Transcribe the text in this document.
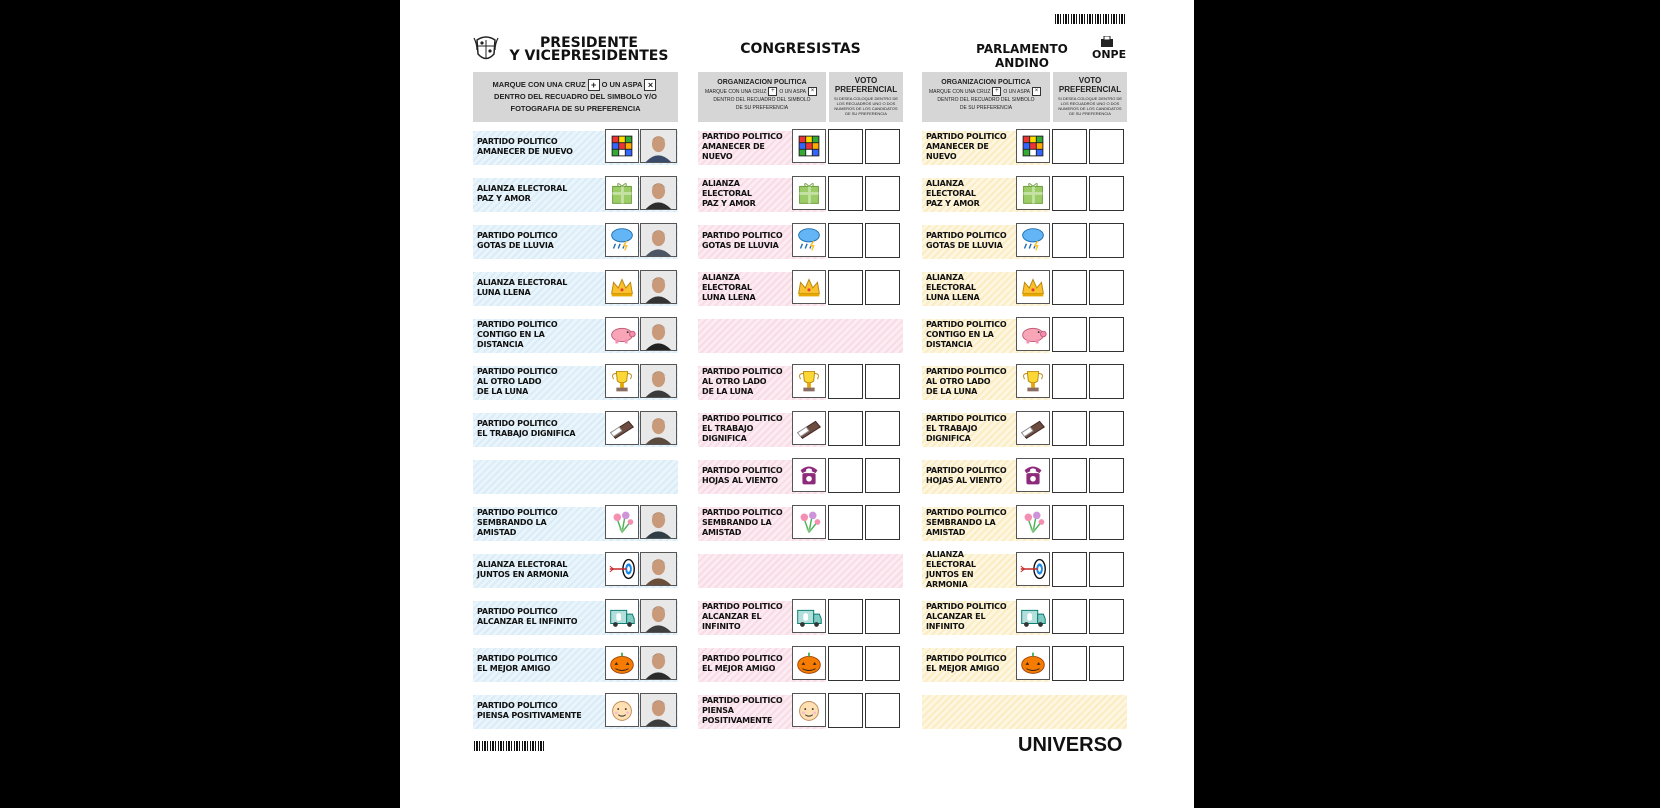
PRESIDENTE
Y VICEPRESIDENTES
MARQUE CON UNA CRUZ + O UN ASPA ×
DENTRO DEL RECUADRO DEL SIMBOLO Y/O
FOTOGRAFIA DE SU PREFERENCIA
PARTIDO POLITICO
AMANECER DE NUEVO
ALIANZA ELECTORAL
PAZ Y AMOR
PARTIDO POLITICO
GOTAS DE LLUVIA
ALIANZA ELECTORAL
LUNA LLENA
PARTIDO POLITICO
CONTIGO EN LA
DISTANCIA
PARTIDO POLITICO
AL OTRO LADO
DE LA LUNA
PARTIDO POLITICO
EL TRABAJO DIGNIFICA
PARTIDO POLITICO
SEMBRANDO LA
AMISTAD
ALIANZA ELECTORAL
JUNTOS EN ARMONIA
PARTIDO POLITICO
ALCANZAR EL INFINITO
PARTIDO POLITICO
EL MEJOR AMIGO
PARTIDO POLITICO
PIENSA POSITIVAMENTE
CONGRESISTAS
ORGANIZACION POLITICA
MARQUE CON UNA CRUZ + O UN ASPA ×
DENTRO DEL RECUADRO DEL SIMBOLO
DE SU PREFERENCIA
VOTO
PREFERENCIAL
SI DESEA COLOQUE DENTRO DE LOS RECUADROS UNO O DOS NUMEROS DE LOS CANDIDATOS DE SU PREFERENCIA
PARTIDO POLITICO
AMANECER DE NUEVO
ALIANZA ELECTORAL
PAZ Y AMOR
PARTIDO POLITICO
GOTAS DE LLUVIA
ALIANZA ELECTORAL
LUNA LLENA
PARTIDO POLITICO
AL OTRO LADO
DE LA LUNA
PARTIDO POLITICO
EL TRABAJO DIGNIFICA
PARTIDO POLITICO
HOJAS AL VIENTO
PARTIDO POLITICO
SEMBRANDO LA
AMISTAD
PARTIDO POLITICO
ALCANZAR EL INFINITO
PARTIDO POLITICO
EL MEJOR AMIGO
PARTIDO POLITICO
PIENSA POSITIVAMENTE
PARLAMENTO ANDINO
ONPE
ORGANIZACION POLITICA
MARQUE CON UNA CRUZ + O UN ASPA ×
DENTRO DEL RECUADRO DEL SIMBOLO
DE SU PREFERENCIA
VOTO
PREFERENCIAL
SI DESEA COLOQUE DENTRO DE LOS RECUADROS UNO O DOS NUMEROS DE LOS CANDIDATOS DE SU PREFERENCIA
PARTIDO POLITICO
AMANECER DE NUEVO
ALIANZA ELECTORAL
PAZ Y AMOR
PARTIDO POLITICO
GOTAS DE LLUVIA
ALIANZA ELECTORAL
LUNA LLENA
PARTIDO POLITICO
CONTIGO EN LA
DISTANCIA
PARTIDO POLITICO
AL OTRO LADO
DE LA LUNA
PARTIDO POLITICO
EL TRABAJO DIGNIFICA
PARTIDO POLITICO
HOJAS AL VIENTO
PARTIDO POLITICO
SEMBRANDO LA
AMISTAD
ALIANZA ELECTORAL
JUNTOS EN ARMONIA
PARTIDO POLITICO
ALCANZAR EL INFINITO
PARTIDO POLITICO
EL MEJOR AMIGO
UNIVERSO
